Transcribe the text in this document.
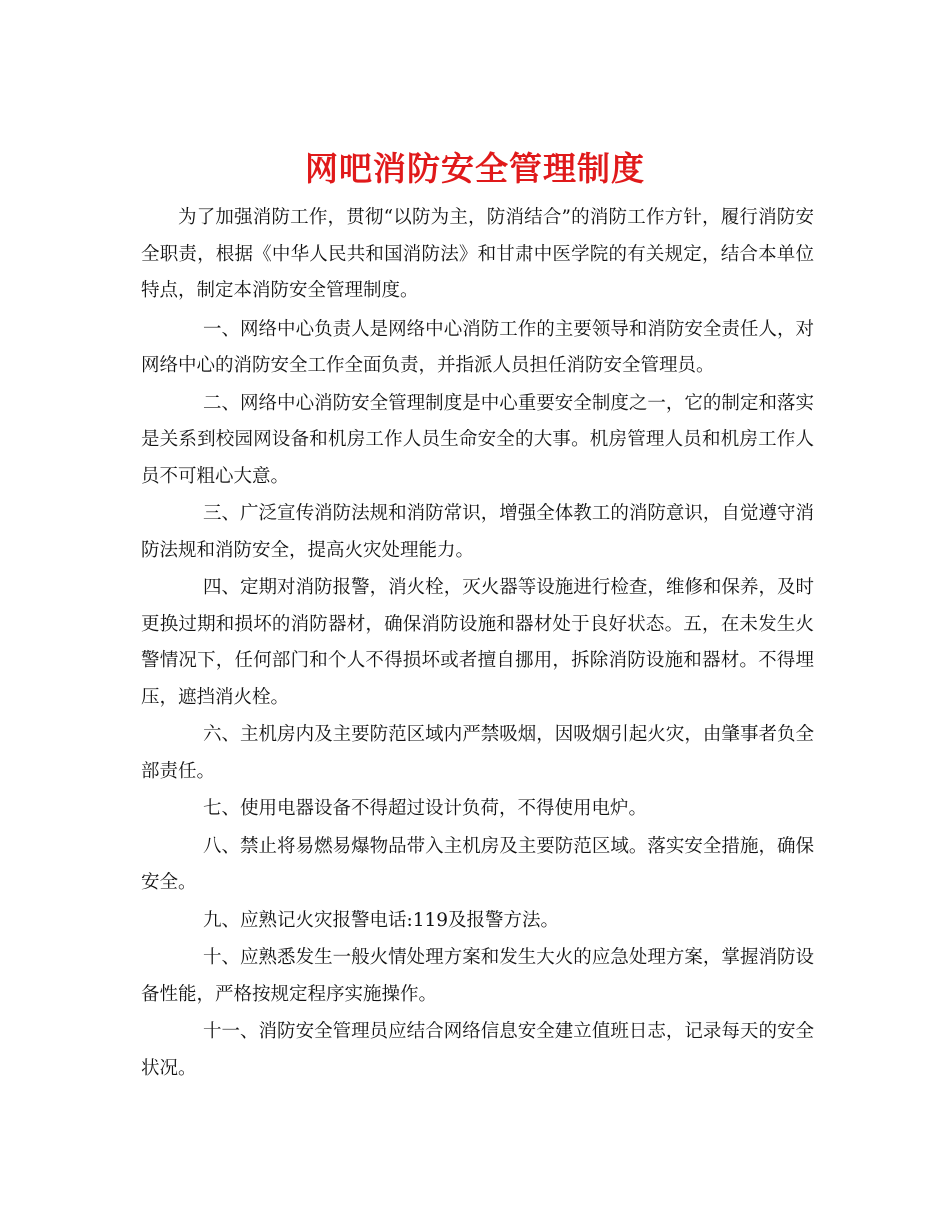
网吧消防安全管理制度

为了加强消防工作，贯彻“以防为主，防消结合”的消防工作方针，履行消防安全职责，根据《中华人民共和国消防法》和甘肃中医学院的有关规定，结合本单位特点，制定本消防安全管理制度。

一、网络中心负责人是网络中心消防工作的主要领导和消防安全责任人，对网络中心的消防安全工作全面负责，并指派人员担任消防安全管理员。

二、网络中心消防安全管理制度是中心重要安全制度之一，它的制定和落实是关系到校园网设备和机房工作人员生命安全的大事。机房管理人员和机房工作人员不可粗心大意。

三、广泛宣传消防法规和消防常识，增强全体教工的消防意识，自觉遵守消防法规和消防安全，提高火灾处理能力。

四、定期对消防报警，消火栓，灭火器等设施进行检查，维修和保养，及时更换过期和损坏的消防器材，确保消防设施和器材处于良好状态。五，在未发生火警情况下，任何部门和个人不得损坏或者擅自挪用，拆除消防设施和器材。不得埋压，遮挡消火栓。

六、主机房内及主要防范区域内严禁吸烟，因吸烟引起火灾，由肇事者负全部责任。

七、使用电器设备不得超过设计负荷，不得使用电炉。

八、禁止将易燃易爆物品带入主机房及主要防范区域。落实安全措施，确保安全。

九、应熟记火灾报警电话:119及报警方法。

十、应熟悉发生一般火情处理方案和发生大火的应急处理方案，掌握消防设备性能，严格按规定程序实施操作。

十一、消防安全管理员应结合网络信息安全建立值班日志，记录每天的安全状况。
